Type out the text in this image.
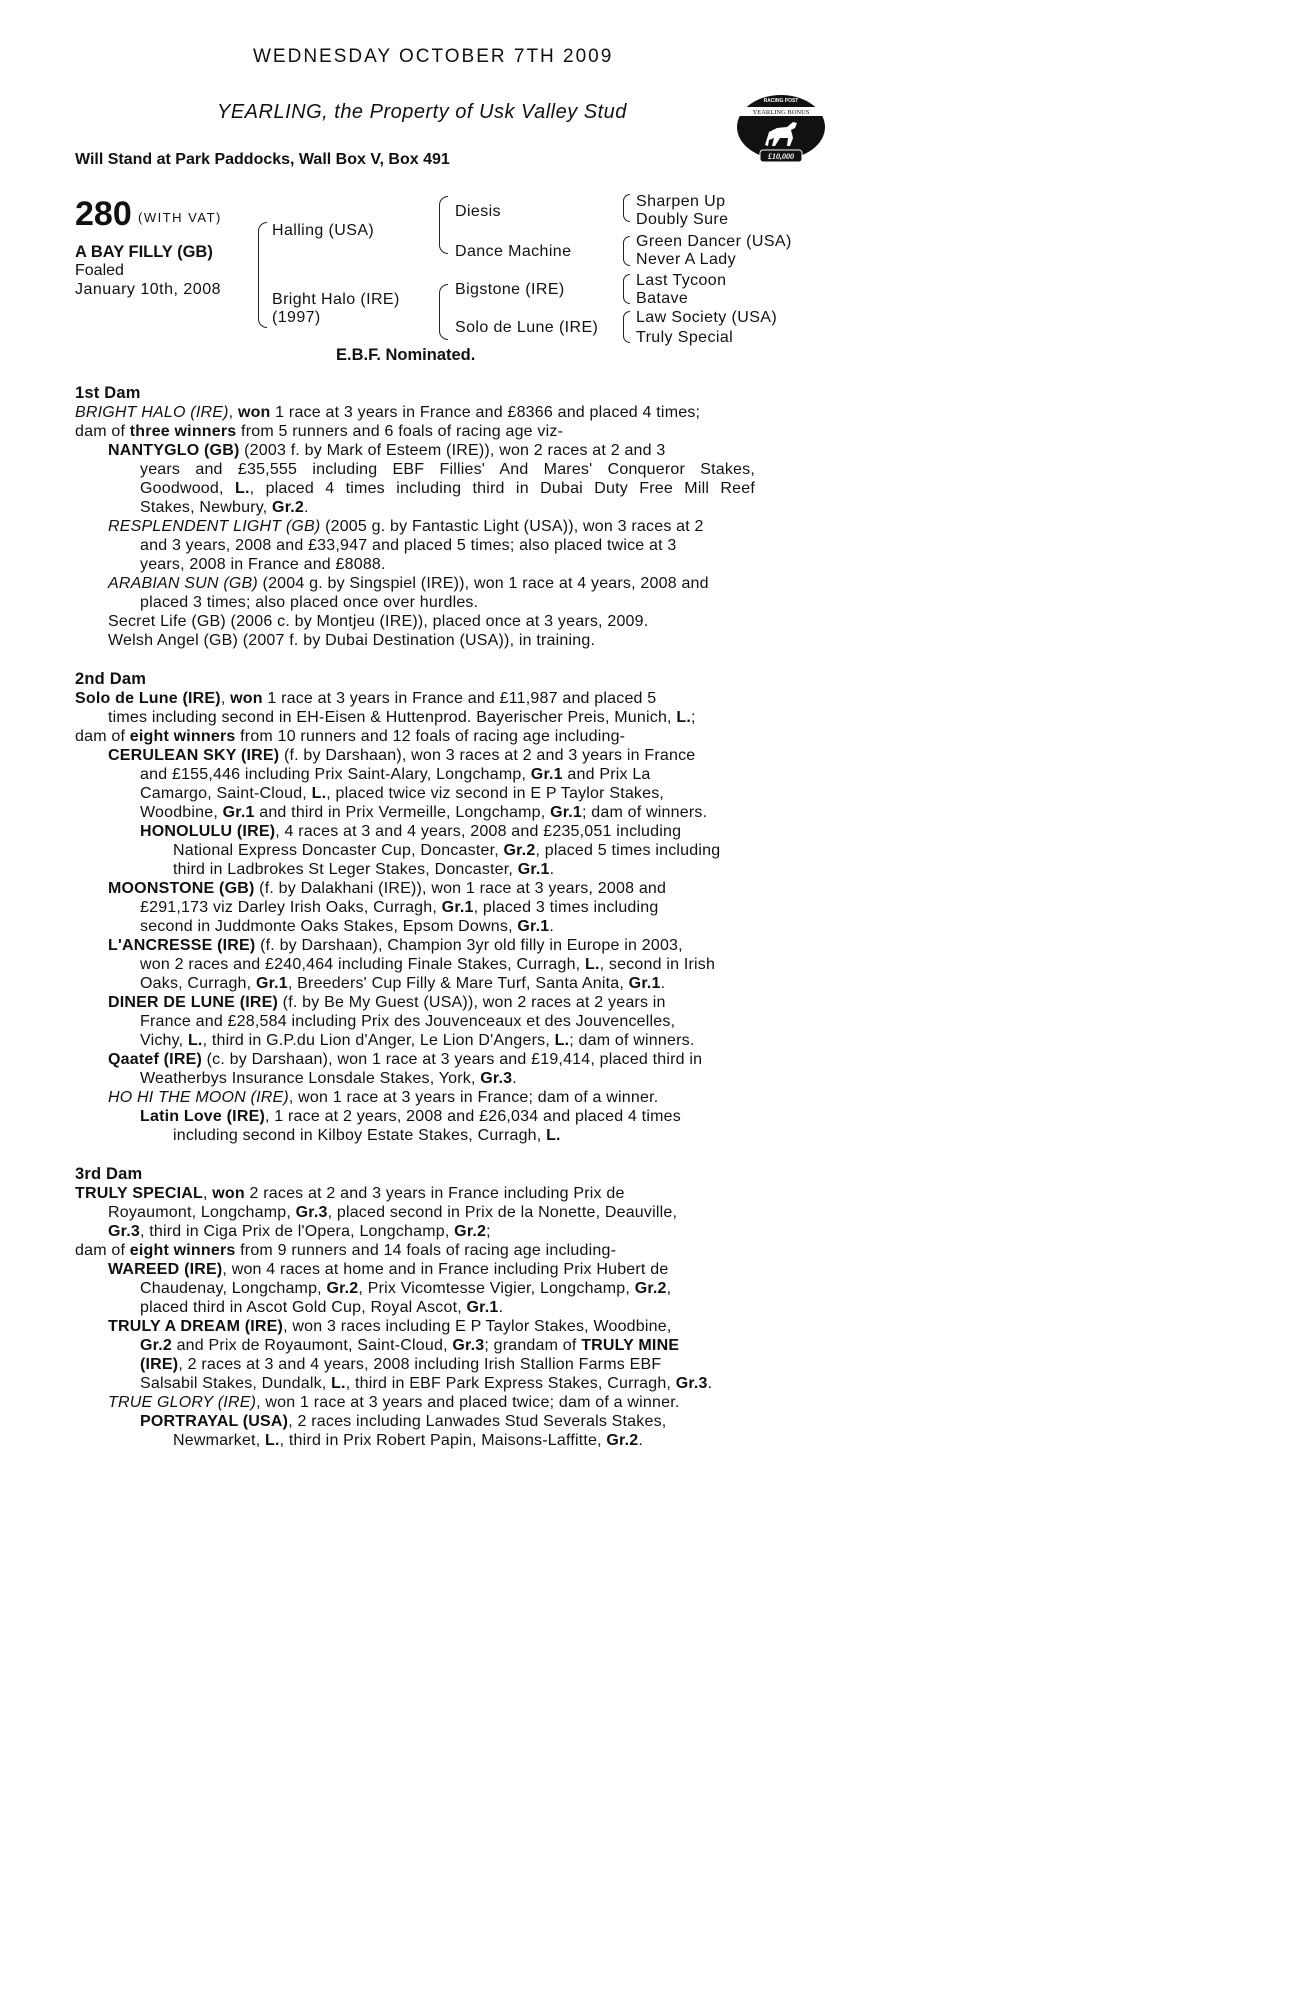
WEDNESDAY OCTOBER 7TH 2009
YEARLING, the Property of Usk Valley Stud
Will Stand at Park Paddocks, Wall Box V, Box 491
RACING POST
YEARLING BONUS
£10,000
280 (WITH VAT)
A BAY FILLY (GB)
Foaled
January 10th, 2008
Halling (USA)
Bright Halo (IRE)
(1997)
Diesis
Dance Machine
Bigstone (IRE)
Solo de Lune (IRE)
Sharpen Up
Doubly Sure
Green Dancer (USA)
Never A Lady
Last Tycoon
Batave
Law Society (USA)
Truly Special
E.B.F. Nominated.
1st Dam
BRIGHT HALO (IRE), won 1 race at 3 years in France and £8366 and placed 4 times;
dam of three winners from 5 runners and 6 foals of racing age viz-
NANTYGLO (GB) (2003 f. by Mark of Esteem (IRE)), won 2 races at 2 and 3
years and £35,555 including EBF Fillies' And Mares' Conqueror Stakes,
Goodwood, L., placed 4 times including third in Dubai Duty Free Mill Reef
Stakes, Newbury, Gr.2.
RESPLENDENT LIGHT (GB) (2005 g. by Fantastic Light (USA)), won 3 races at 2
and 3 years, 2008 and £33,947 and placed 5 times; also placed twice at 3
years, 2008 in France and £8088.
ARABIAN SUN (GB) (2004 g. by Singspiel (IRE)), won 1 race at 4 years, 2008 and
placed 3 times; also placed once over hurdles.
Secret Life (GB) (2006 c. by Montjeu (IRE)), placed once at 3 years, 2009.
Welsh Angel (GB) (2007 f. by Dubai Destination (USA)), in training.
2nd Dam
Solo de Lune (IRE), won 1 race at 3 years in France and £11,987 and placed 5
times including second in EH-Eisen & Huttenprod. Bayerischer Preis, Munich, L.;
dam of eight winners from 10 runners and 12 foals of racing age including-
CERULEAN SKY (IRE) (f. by Darshaan), won 3 races at 2 and 3 years in France
and £155,446 including Prix Saint-Alary, Longchamp, Gr.1 and Prix La
Camargo, Saint-Cloud, L., placed twice viz second in E P Taylor Stakes,
Woodbine, Gr.1 and third in Prix Vermeille, Longchamp, Gr.1; dam of winners.
HONOLULU (IRE), 4 races at 3 and 4 years, 2008 and £235,051 including
National Express Doncaster Cup, Doncaster, Gr.2, placed 5 times including
third in Ladbrokes St Leger Stakes, Doncaster, Gr.1.
MOONSTONE (GB) (f. by Dalakhani (IRE)), won 1 race at 3 years, 2008 and
£291,173 viz Darley Irish Oaks, Curragh, Gr.1, placed 3 times including
second in Juddmonte Oaks Stakes, Epsom Downs, Gr.1.
L'ANCRESSE (IRE) (f. by Darshaan), Champion 3yr old filly in Europe in 2003,
won 2 races and £240,464 including Finale Stakes, Curragh, L., second in Irish
Oaks, Curragh, Gr.1, Breeders' Cup Filly & Mare Turf, Santa Anita, Gr.1.
DINER DE LUNE (IRE) (f. by Be My Guest (USA)), won 2 races at 2 years in
France and £28,584 including Prix des Jouvenceaux et des Jouvencelles,
Vichy, L., third in G.P.du Lion d'Anger, Le Lion D'Angers, L.; dam of winners.
Qaatef (IRE) (c. by Darshaan), won 1 race at 3 years and £19,414, placed third in
Weatherbys Insurance Lonsdale Stakes, York, Gr.3.
HO HI THE MOON (IRE), won 1 race at 3 years in France; dam of a winner.
Latin Love (IRE), 1 race at 2 years, 2008 and £26,034 and placed 4 times
including second in Kilboy Estate Stakes, Curragh, L.
3rd Dam
TRULY SPECIAL, won 2 races at 2 and 3 years in France including Prix de
Royaumont, Longchamp, Gr.3, placed second in Prix de la Nonette, Deauville,
Gr.3, third in Ciga Prix de l'Opera, Longchamp, Gr.2;
dam of eight winners from 9 runners and 14 foals of racing age including-
WAREED (IRE), won 4 races at home and in France including Prix Hubert de
Chaudenay, Longchamp, Gr.2, Prix Vicomtesse Vigier, Longchamp, Gr.2,
placed third in Ascot Gold Cup, Royal Ascot, Gr.1.
TRULY A DREAM (IRE), won 3 races including E P Taylor Stakes, Woodbine,
Gr.2 and Prix de Royaumont, Saint-Cloud, Gr.3; grandam of TRULY MINE
(IRE), 2 races at 3 and 4 years, 2008 including Irish Stallion Farms EBF
Salsabil Stakes, Dundalk, L., third in EBF Park Express Stakes, Curragh, Gr.3.
TRUE GLORY (IRE), won 1 race at 3 years and placed twice; dam of a winner.
PORTRAYAL (USA), 2 races including Lanwades Stud Severals Stakes,
Newmarket, L., third in Prix Robert Papin, Maisons-Laffitte, Gr.2.
